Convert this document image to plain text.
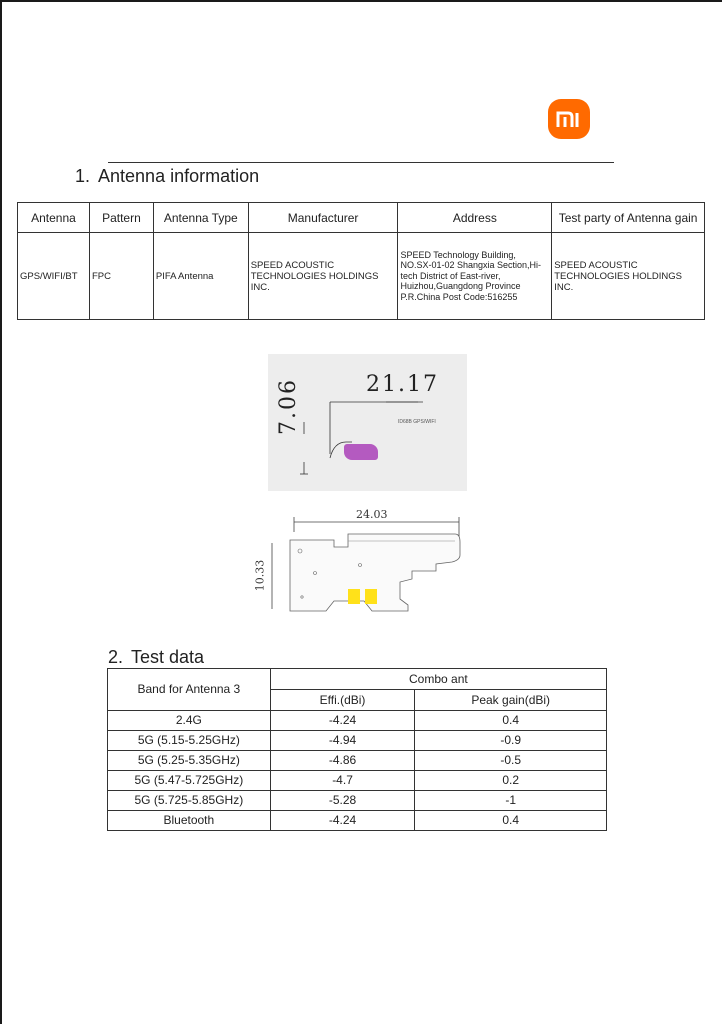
1. Antenna information
Antenna	Pattern	Antenna Type	Manufacturer	Address	Test party of Antenna gain
GPS/WIFI/BT	FPC	PIFA Antenna	SPEED ACOUSTIC TECHNOLOGIES HOLDINGS INC.	SPEED Technology Building, NO.SX-01-02 Shangxia Section,Hi-tech District of East-river, Huizhou,Guangdong Province P.R.China Post Code:516255	SPEED ACOUSTIC TECHNOLOGIES HOLDINGS INC.
7.06	21.17
ID68B GPS/WIFI
24.03
10.33
2. Test data
Band for Antenna 3	Combo ant	
	Effi.(dBi)	Peak gain(dBi)
2.4G	-4.24	0.4
5G (5.15-5.25GHz)	-4.94	-0.9
5G (5.25-5.35GHz)	-4.86	-0.5
5G (5.47-5.725GHz)	-4.7	0.2
5G (5.725-5.85GHz)	-5.28	-1
Bluetooth	-4.24	0.4
